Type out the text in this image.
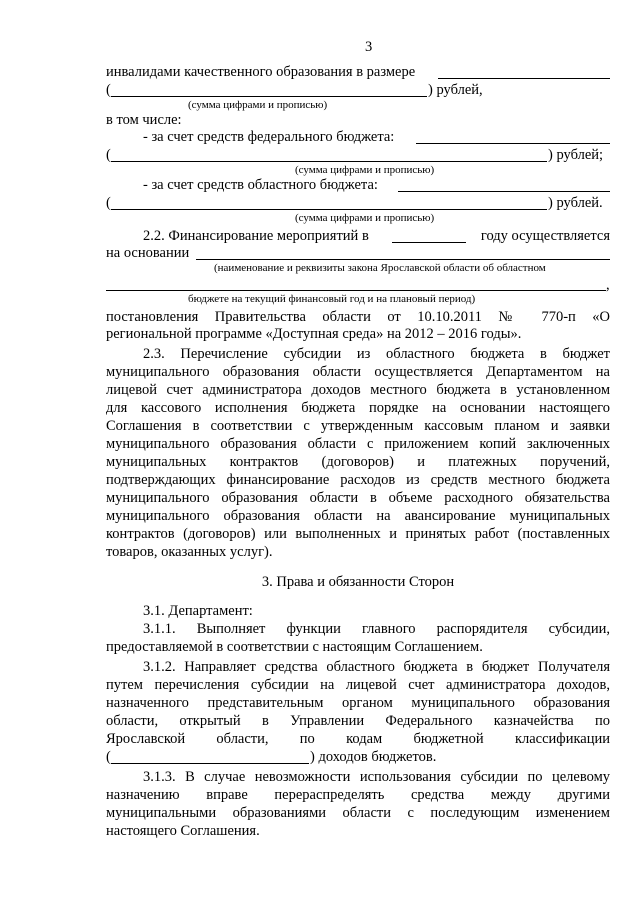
3
инвалидами качественного образования в размере
(	) рублей,
(сумма цифрами и прописью)
в том числе:
- за счет средств федерального бюджета:
(	) рублей;
(сумма цифрами и прописью)
- за счет средств областного бюджета:
(	) рублей.
(сумма цифрами и прописью)
2.2. Финансирование мероприятий в	году осуществляется
на основании
(наименование и реквизиты закона Ярославской области об областном
,
бюджете на текущий финансовый год и на плановый период)
постановления Правительства области от 10.10.2011 № 770-п «О
региональной программе «Доступная среда» на 2012 – 2016 годы».
2.3. Перечисление субсидии из областного бюджета в бюджет
муниципального образования области осуществляется Департаментом на
лицевой счет администратора доходов местного бюджета в установленном
для кассового исполнения бюджета порядке на основании настоящего
Соглашения в соответствии с утвержденным кассовым планом и заявки
муниципального образования области с приложением копий заключенных
муниципальных контрактов (договоров) и платежных поручений,
подтверждающих финансирование расходов из средств местного бюджета
муниципального образования области в объеме расходного обязательства
муниципального образования области на авансирование муниципальных
контрактов (договоров) или выполненных и принятых работ (поставленных
товаров, оказанных услуг).
3. Права и обязанности Сторон
3.1. Департамент:
3.1.1. Выполняет функции главного распорядителя субсидии,
предоставляемой в соответствии с настоящим Соглашением.
3.1.2. Направляет средства областного бюджета в бюджет Получателя
путем перечисления субсидии на лицевой счет администратора доходов,
назначенного представительным органом муниципального образования
области, открытый в Управлении Федерального казначейства по
Ярославской области, по кодам бюджетной классификации
(	) доходов бюджетов.
3.1.3. В случае невозможности использования субсидии по целевому
назначению вправе перераспределять средства между другими
муниципальными образованиями области с последующим изменением
настоящего Соглашения.
